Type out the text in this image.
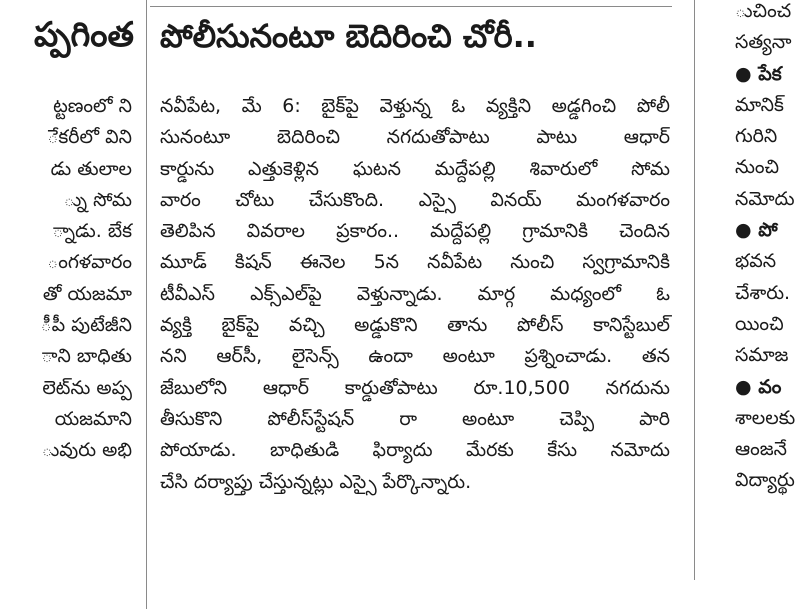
ప్పగింత
ట్టణంలో ని
ేకరీలో విని
డు తులాల
్ను సోమ
్నాడు. బేక
ంగళవారం
తో యజమా
ీపీ పుటేజీని
ాని బాధితు
లెట్‌ను అప్ప
యజమాని
ువురు అభి
పోలీసునంటూ బెదిరించి చోరీ..
నవీపేట, మే 6: బైక్‌పై వెళ్తున్న ఓ వ్యక్తిని అడ్డగించి పోలీ
సునంటూ బెదిరించి నగదుతోపాటు పాటు ఆధార్
కార్డును ఎత్తుకెళ్లిన ఘటన మద్దేపల్లి శివారులో సోమ
వారం చోటు చేసుకొంది. ఎస్సై వినయ్ మంగళవారం
తెలిపిన వివరాల ప్రకారం.. మద్దేపల్లి గ్రామానికి చెందిన
మూడ్ కిషన్ ఈనెల 5న నవీపేట నుంచి స్వగ్రామానికి
టీవీఎస్ ఎక్స్‌ఎల్‌పై వెళ్తున్నాడు. మార్గ మధ్యంలో ఓ
వ్యక్తి బైక్‌పై వచ్చి అడ్డుకొని తాను పోలీస్ కానిస్టేబుల్
నని ఆర్‌సీ, లైసెన్స్ ఉందా అంటూ ప్రశ్నించాడు. తన
జేబులోని ఆధార్ కార్డుతోపాటు రూ.10,500 నగదును
తీసుకొని పోలీస్‌స్టేషన్ రా అంటూ చెప్పి పారి
పోయాడు. బాధితుడి ఫిర్యాదు మేరకు కేసు నమోదు
చేసి దర్యాప్తు చేస్తున్నట్లు ఎస్సై పేర్కొన్నారు.
ుచించ
సత్యనా
● పేక
మానిక్
గురిని
నుంచి
నమోదు
● పో
భవన
చేశారు.
యించి
సమాజ
● వం
శాలలకు
ఆంజనే
విద్యార్థు
